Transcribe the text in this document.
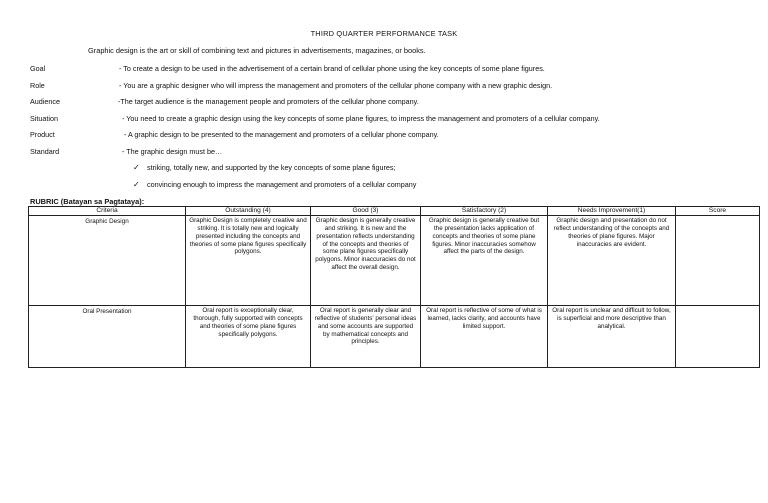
THIRD QUARTER PERFORMANCE TASK
Graphic design is the art or skill of combining text and pictures in advertisements, magazines, or books.
Goal	- To create a design to be used in the advertisement of a certain brand of cellular phone using the key concepts of some plane figures.
Role	- You are a graphic designer who will impress the management and promoters of the cellular phone company with a new graphic design.
Audience	-The target audience is the management people and promoters of the cellular phone company.
Situation	- You need to create a graphic design using the key concepts of some plane figures, to impress the management and promoters of a cellular company.
Product	- A graphic design to be presented to the management and promoters of a cellular phone company.
Standard	- The graphic design must be…
✓ striking, totally new, and supported by the key concepts of some plane figures;
✓ convincing enough to impress the management and promoters of a cellular company
RUBRIC (Batayan sa Pagtataya):
Criteria	Outstanding (4)	Good (3)	Satisfactory (2)	Needs Improvement(1)	Score
Graphic Design	Graphic Design is completely creative and striking. It is totally new and logically presented including the concepts and theories of some plane figures specifically polygons.	Graphic design is generally creative and striking. It is new and the presentation reflects understanding of the concepts and theories of some plane figures specifically polygons. Minor inaccuracies do not affect the overall design.	Graphic design is generally creative but the presentation lacks application of concepts and theories of some plane figures. Minor inaccuracies somehow affect the parts of the design.	Graphic design and presentation do not reflect understanding of the concepts and theories of plane figures. Major inaccuracies are evident.	
Oral Presentation	Oral report is exceptionally clear, thorough, fully supported with concepts and theories of some plane figures specifically polygons.	Oral report is generally clear and reflective of students' personal ideas and some accounts are supported by mathematical concepts and principles.	Oral report is reflective of some of what is learned, lacks clarity, and accounts have limited support.	Oral report is unclear and difficult to follow, is superficial and more descriptive than analytical.	
